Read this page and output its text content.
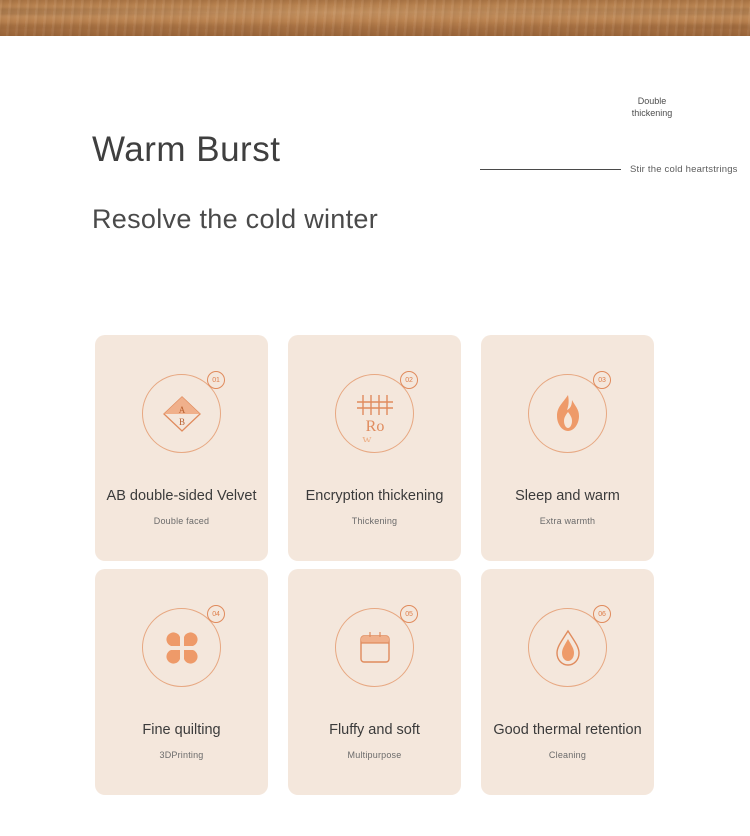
Warm Burst
Resolve the cold winter
Stir the cold heartstrings
Double
thickening
A
B
01
AB double-sided Velvet
Double faced
Ro
w
02
Encryption thickening
Thickening
03
Sleep and warm
Extra warmth
04
Fine quilting
3DPrinting
05
Fluffy and soft
Multipurpose
06
Good thermal retention
Cleaning
